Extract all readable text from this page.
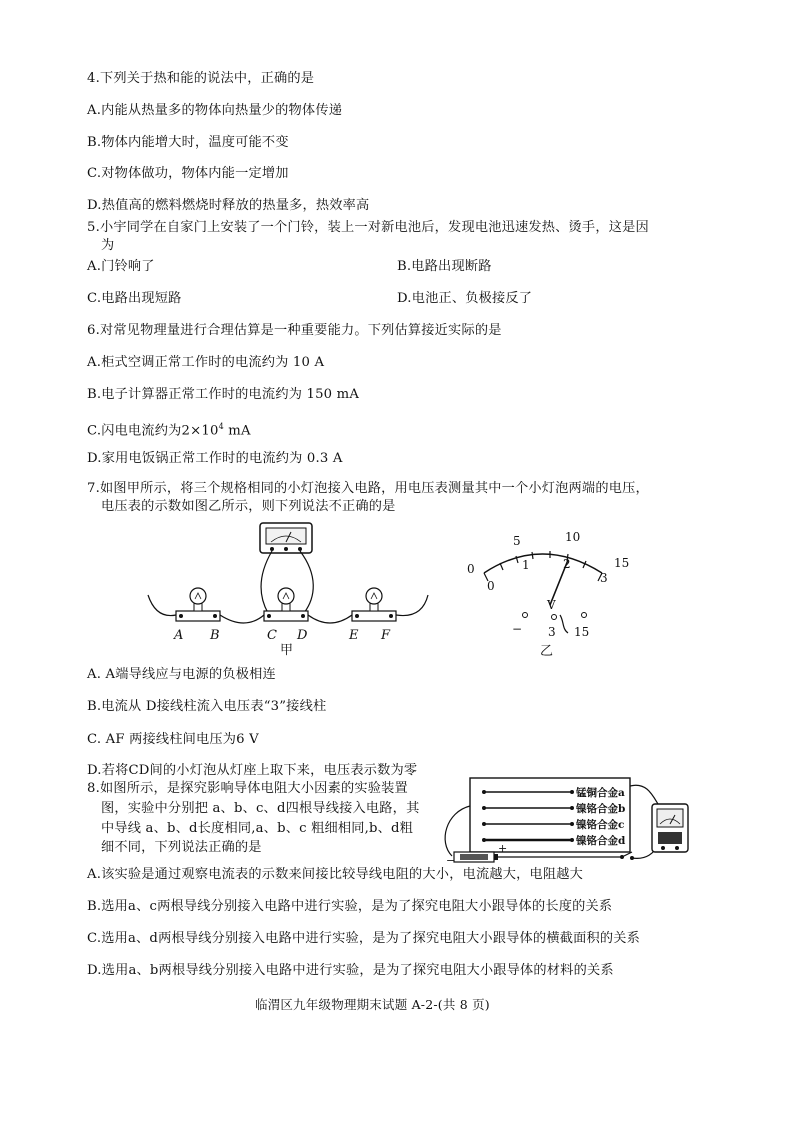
4.下列关于热和能的说法中，正确的是
A.内能从热量多的物体向热量少的物体传递
B.物体内能增大时，温度可能不变
C.对物体做功，物体内能一定增加
D.热值高的燃料燃烧时释放的热量多，热效率高
5.小宇同学在自家门上安装了一个门铃，装上一对新电池后，发现电池迅速发热、烫手，这是因
为
A.门铃响了	B.电路出现断路
C.电路出现短路	D.电池正、负极接反了
6.对常见物理量进行合理估算是一种重要能力。下列估算接近实际的是
A.柜式空调正常工作时的电流约为 10 A
B.电子计算器正常工作时的电流约为 150 mA
C.闪电电流约为$2\times 10^4$ mA
D.家用电饭锅正常工作时的电流约为 0.3 A
7.如图甲所示，将三个规格相同的小灯泡接入电路，用电压表测量其中一个小灯泡两端的电压，
电压表的示数如图乙所示，则下列说法不正确的是
A B	C D	E F
甲
0
5	10
15
0
1	2
3
V
− 3 15
乙
A. A端导线应与电源的负极相连
B.电流从 D接线柱流入电压表“3”接线柱
C. AF 两接线柱间电压为6 V
D.若将CD间的小灯泡从灯座上取下来，电压表示数为零
8.如图所示，是探究影响导体电阻大小因素的实验装置
图，实验中分别把 a、b、c、d四根导线接入电路，其
中导线 a、b、d长度相同,a、b、c 粗细相同,b、d粗
细不同，下列说法正确的是
锰铜合金a
镍铬合金b
镍铬合金c
镍铬合金d
−
+
A.该实验是通过观察电流表的示数来间接比较导线电阻的大小，电流越大，电阻越大
B.选用a、c两根导线分别接入电路中进行实验，是为了探究电阻大小跟导体的长度的关系
C.选用a、d两根导线分别接入电路中进行实验，是为了探究电阻大小跟导体的横截面积的关系
D.选用a、b两根导线分别接入电路中进行实验，是为了探究电阻大小跟导体的材料的关系
临渭区九年级物理期末试题 A-2-(共 8 页)
